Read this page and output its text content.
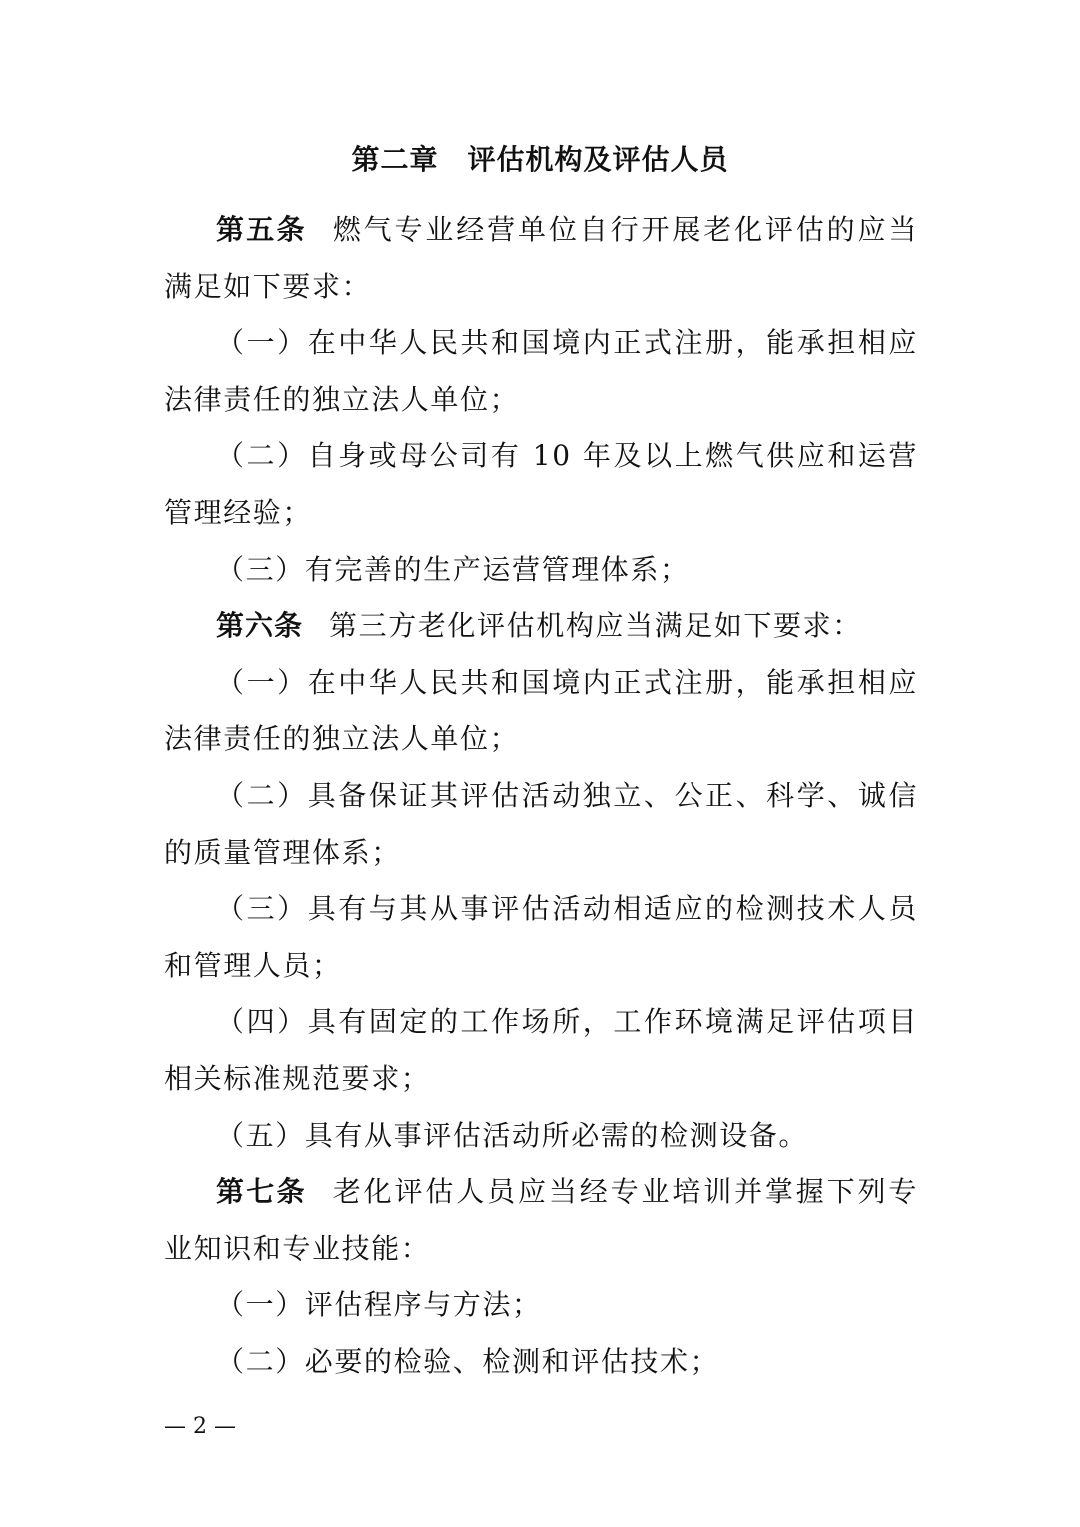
第二章　评估机构及评估人员

第五条 燃气专业经营单位自行开展老化评估的应当满足如下要求：

（一）在中华人民共和国境内正式注册，能承担相应法律责任的独立法人单位；

（二）自身或母公司有 10 年及以上燃气供应和运营管理经验；

（三）有完善的生产运营管理体系；

第六条 第三方老化评估机构应当满足如下要求：

（一）在中华人民共和国境内正式注册，能承担相应法律责任的独立法人单位；

（二）具备保证其评估活动独立、公正、科学、诚信的质量管理体系；

（三）具有与其从事评估活动相适应的检测技术人员和管理人员；

（四）具有固定的工作场所，工作环境满足评估项目相关标准规范要求；

（五）具有从事评估活动所必需的检测设备。

第七条 老化评估人员应当经专业培训并掌握下列专业知识和专业技能：

（一）评估程序与方法；

（二）必要的检验、检测和评估技术；

— 2 —
